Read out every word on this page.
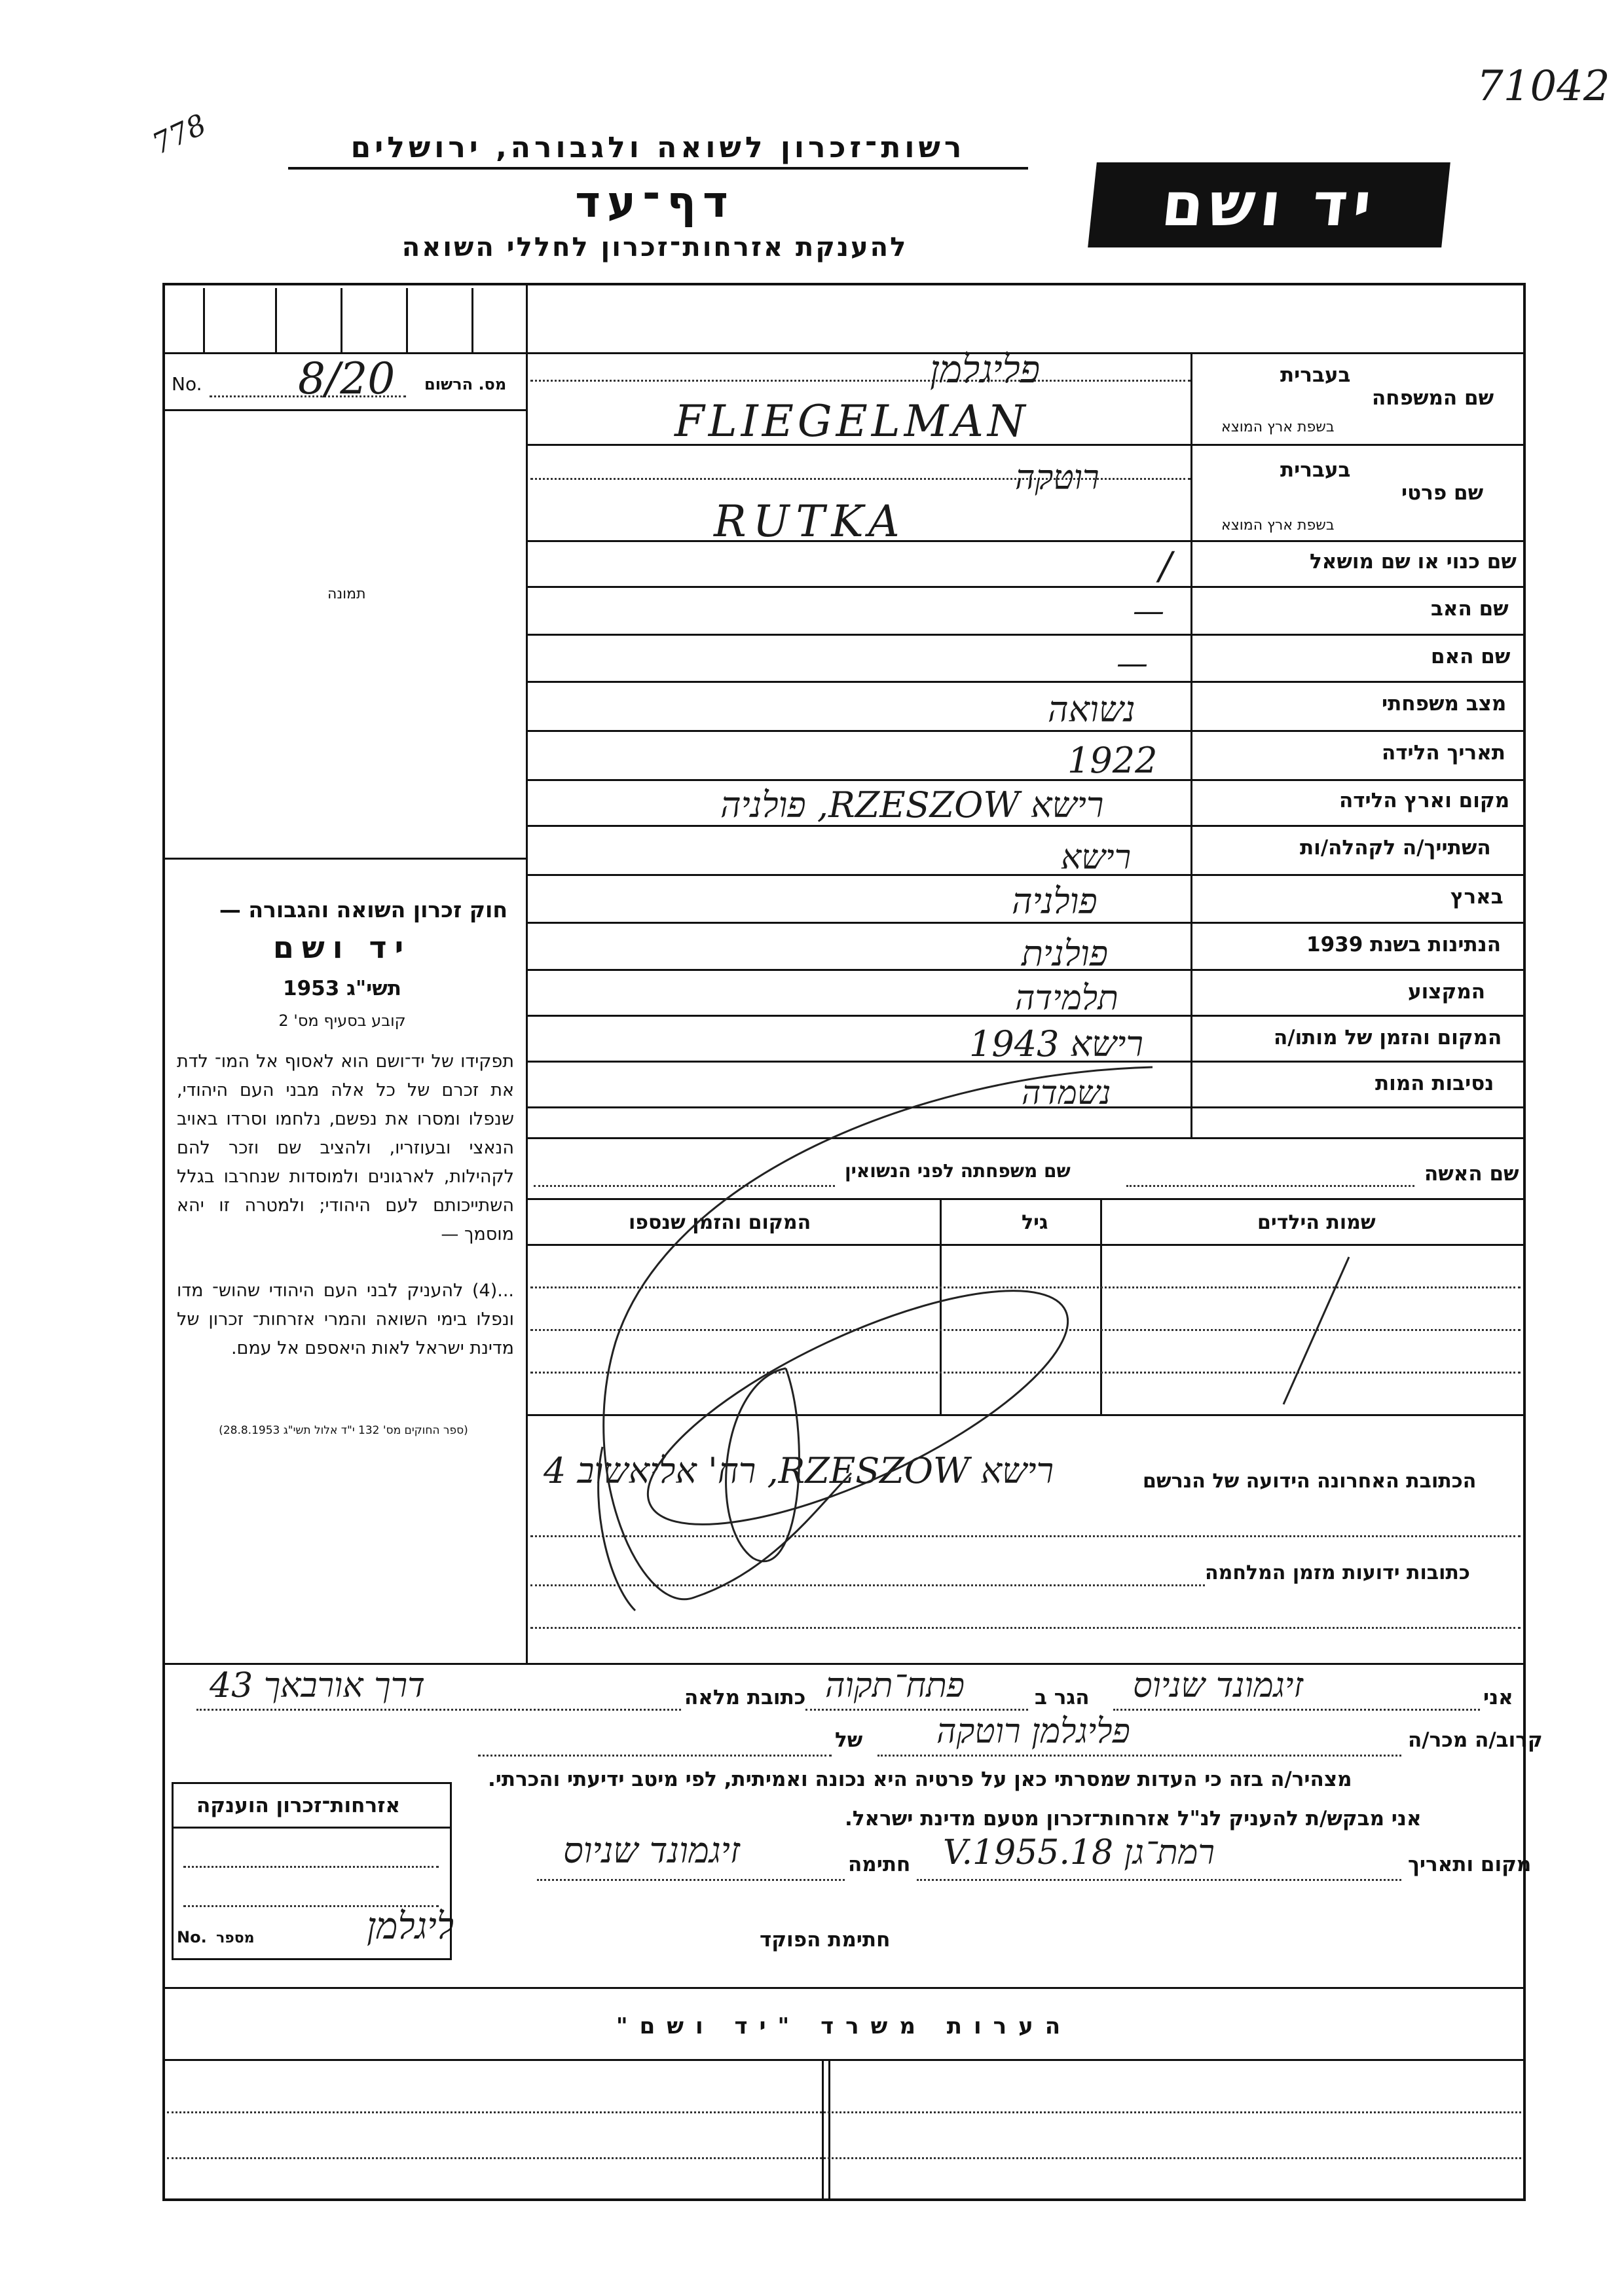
71042
778	רשות־זכרון לשואה ולגבורה, ירושלים
דף־עד
להענקת אזרחות־זכרון לחללי השואה
יד ושם
No.	מס. הרשום
8/20
תמונה
חוק זכרון השואה והגבורה —
יד ושם
תשי"ג 1953
קובע בסעיף מס' 2
תפקידו של יד־ושם הוא לאסוף אל המו־ לדת את זכרם של כל אלה מבני העם היהודי, שנפלו ומסרו את נפשם, נלחמו וסרדו באויב הנאצי ובעוזריו, ולהציב שם וזכר להם לקהילות, לארגונים ולמוסדות שנחרבו בגלל השתייכותם לעם היהודי; ולמטרה זו יהא מוסמך —
...(4) להעניק לבני העם היהודי שהוש־ מדו ונפלו בימי השואה והמרי אזרחות־ זכרון של מדינת ישראל לאות היאספם אל עמם.
(ספר החוקים מס' 132 י"ד אלול תשי"ג 28.8.1953)
בעברית
שם המשפחה
בשפת ארץ המוצא
בעברית
שם פרטי
בשפת ארץ המוצא
שם כנוי או שם מושאל
שם האב
שם האם
מצב משפחתי
תאריך הלידה
מקום וארץ הלידה
השתייך/ה לקהלה/ות
בארץ
הנתינות בשנת 1939
המקצוע
המקום והזמן של מותו/ה
נסיבות המות
פליגלמן
FLIEGELMAN
רוטקה
RUTKA
/
—
—
נשואה
1922
רישא RZESZOW, פולניה
רישא
פולניה
פולנית
תלמידה
רישא 1943
נשמדה
שם האשה
שם משפחתה לפני הנשואין
שמות הילדים
גיל
המקום והזמן שנספו
הכתובת האחרונה הידועה של הנרשם
רישא RZESZOW, רח' אליאשוב 4
כתובות ידועות מזמן המלחמה
אני
זיגמונד שניוס
הגר ב
פתח־תקוה
כתובת מלאה
דרך אורבאך 43
קרוב/ה מכר/ה
של פליגלמן רוטקה
מצהיר/ה בזה כי העדות שמסרתי כאן על פרטיה היא נכונה ואמיתית, לפי מיטב ידיעתי והכרתי.
אני מבקש/ת להעניק לנ"ל אזרחות־זכרון מטעם מדינת ישראל.
מקום ותאריך
רמת־גן 18.V.1955
חתימה
זיגמונד שניוס
חתימת הפוקד
ליגלמן
אזרחות־זכרון הוענקה
No. מספר
הערות משרד "יד ושם"
